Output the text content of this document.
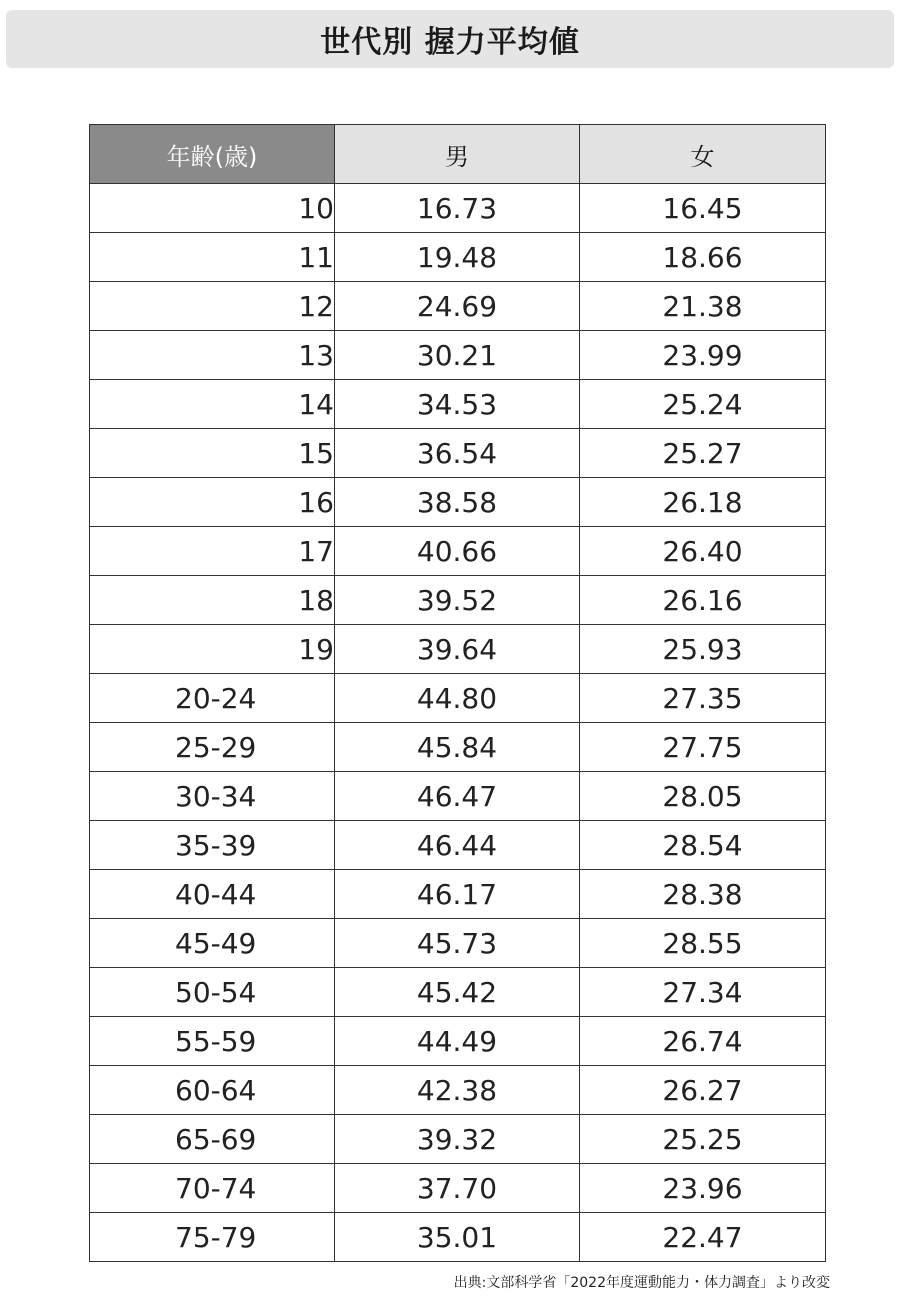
世代別 握力平均値
年齢(歳)	男	女
10	16.73	16.45
11	19.48	18.66
12	24.69	21.38
13	30.21	23.99
14	34.53	25.24
15	36.54	25.27
16	38.58	26.18
17	40.66	26.40
18	39.52	26.16
19	39.64	25.93
20-24	44.80	27.35
25-29	45.84	27.75
30-34	46.47	28.05
35-39	46.44	28.54
40-44	46.17	28.38
45-49	45.73	28.55
50-54	45.42	27.34
55-59	44.49	26.74
60-64	42.38	26.27
65-69	39.32	25.25
70-74	37.70	23.96
75-79	35.01	22.47
出典:文部科学省「2022年度運動能力・体力調査」より改変
